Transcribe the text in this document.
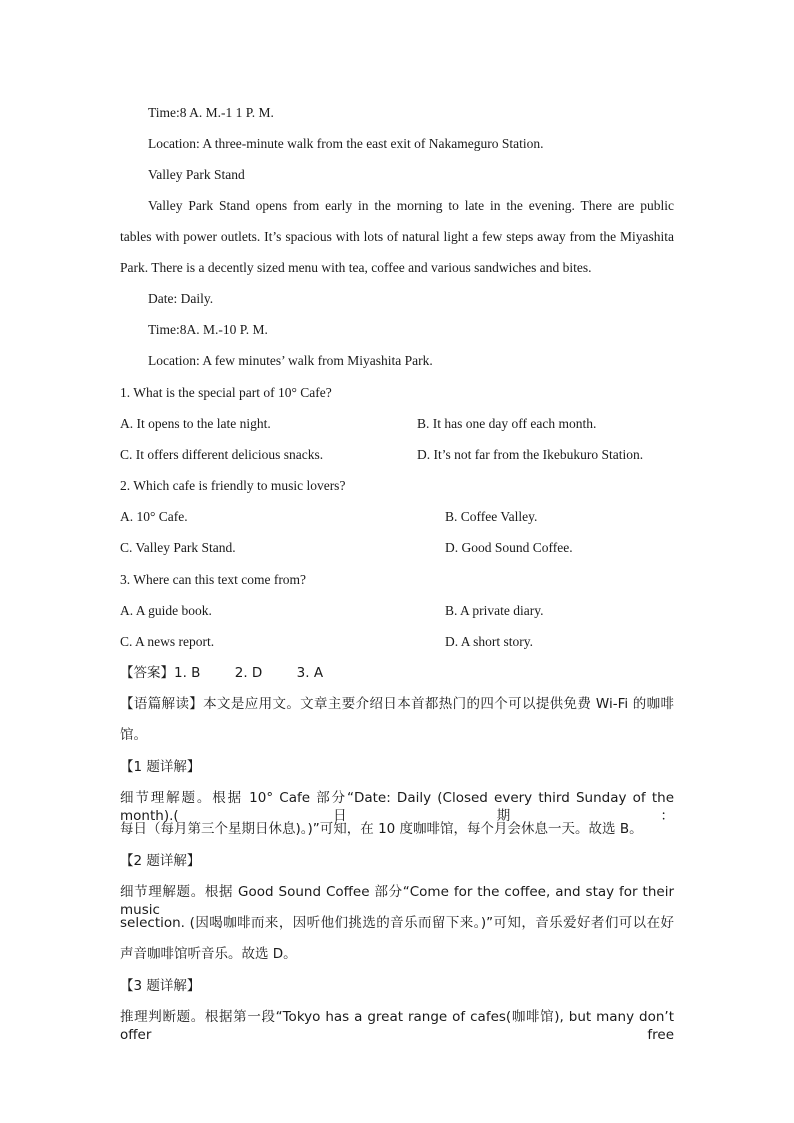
Time:8 A. M.-1 1 P. M.
Location: A three-minute walk from the east exit of Nakameguro Station.
Valley Park Stand
Valley Park Stand opens from early in the morning to late in the evening. There are public
tables with power outlets. It’s spacious with lots of natural light a few steps away from the Miyashita
Park. There is a decently sized menu with tea, coffee and various sandwiches and bites.
Date: Daily.
Time:8A. M.-10 P. M.
Location: A few minutes’ walk from Miyashita Park.
1. What is the special part of 10° Cafe?
A. It opens to the late night.	B. It has one day off each month.
C. It offers different delicious snacks.	D. It’s not far from the Ikebukuro Station.
2. Which cafe is friendly to music lovers?
A. 10° Cafe.	B. Coffee Valley.
C. Valley Park Stand.	D. Good Sound Coffee.
3. Where can this text come from?
A. A guide book.	B. A private diary.
C. A news report.	D. A short story.
【答案】1. B        2. D        3. A
【语篇解读】本文是应用文。文章主要介绍日本首都热门的四个可以提供免费 Wi-Fi 的咖啡
馆。
【1 题详解】
细节理解题。根据 10° Cafe 部分“Date: Daily (Closed every third Sunday of the month).( 日期：
每日（每月第三个星期日休息)。)”可知，在 10 度咖啡馆，每个月会休息一天。故选 B。
【2 题详解】
细节理解题。根据 Good Sound Coffee 部分“Come for the coffee, and stay for their music
selection. (因喝咖啡而来，因听他们挑选的音乐而留下来。)”可知，音乐爱好者们可以在好
声音咖啡馆听音乐。故选 D。
【3 题详解】
推理判断题。根据第一段“Tokyo has a great range of cafes(咖啡馆), but many don’t offer free
